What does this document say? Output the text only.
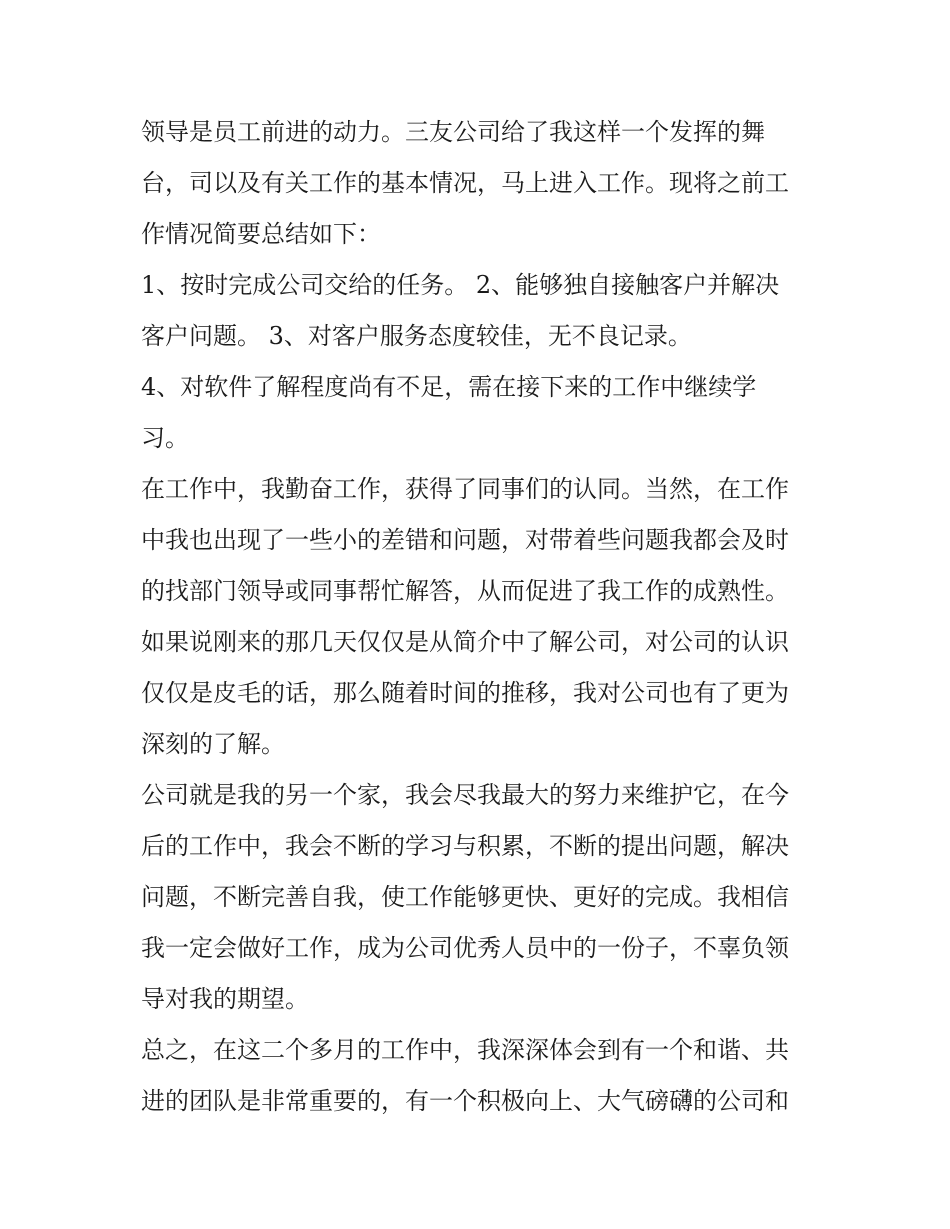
领导是员工前进的动力。三友公司给了我这样一个发挥的舞
台，司以及有关工作的基本情况，马上进入工作。现将之前工
作情况简要总结如下：
1、按时完成公司交给的任务。 2、能够独自接触客户并解决
客户问题。 3、对客户服务态度较佳，无不良记录。
4、对软件了解程度尚有不足，需在接下来的工作中继续学
习。
在工作中，我勤奋工作，获得了同事们的认同。当然，在工作
中我也出现了一些小的差错和问题，对带着些问题我都会及时
的找部门领导或同事帮忙解答，从而促进了我工作的成熟性。
如果说刚来的那几天仅仅是从简介中了解公司，对公司的认识
仅仅是皮毛的话，那么随着时间的推移，我对公司也有了更为
深刻的了解。
公司就是我的另一个家，我会尽我最大的努力来维护它，在今
后的工作中，我会不断的学习与积累，不断的提出问题，解决
问题，不断完善自我，使工作能够更快、更好的完成。我相信
我一定会做好工作，成为公司优秀人员中的一份子，不辜负领
导对我的期望。
总之，在这二个多月的工作中，我深深体会到有一个和谐、共
进的团队是非常重要的，有一个积极向上、大气磅礴的公司和
